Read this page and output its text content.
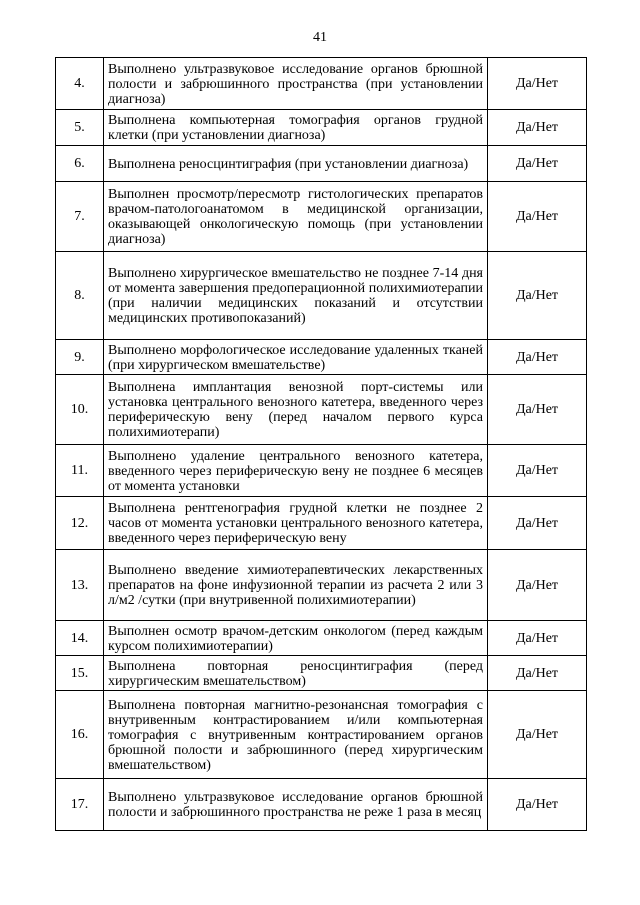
41
4.	Выполнено ультразвуковое исследование органов брюшной полости и забрюшинного пространства (при установлении диагноза)	Да/Нет
5.	Выполнена компьютерная томография органов грудной клетки (при установлении диагноза)	Да/Нет
6.	Выполнена реносцинтиграфия (при установлении диагноза)	Да/Нет
7.	Выполнен просмотр/пересмотр гистологических препаратов врачом-патологоанатомом в медицинской организации, оказывающей онкологическую помощь (при установлении диагноза)	Да/Нет
8.	Выполнено хирургическое вмешательство не позднее 7-14 дня от момента завершения предоперационной полихимиотерапии (при наличии медицинских показаний и отсутствии медицинских противопоказаний)	Да/Нет
9.	Выполнено морфологическое исследование удаленных тканей (при хирургическом вмешательстве)	Да/Нет
10.	Выполнена имплантация венозной порт-системы или установка центрального венозного катетера, введенного через периферическую вену (перед началом первого курса полихимиотерапи)	Да/Нет
11.	Выполнено удаление центрального венозного катетера, введенного через периферическую вену не позднее 6 месяцев от момента установки	Да/Нет
12.	Выполнена рентгенография грудной клетки не позднее 2 часов от момента установки центрального венозного катетера, введенного через периферическую вену	Да/Нет
13.	Выполнено введение химиотерапевтических лекарственных препаратов на фоне инфузионной терапии из расчета 2 или 3 л/м2 /сутки (при внутривенной полихимиотерапии)	Да/Нет
14.	Выполнен осмотр врачом-детским онкологом (перед каждым курсом полихимиотерапии)	Да/Нет
15.	Выполнена повторная реносцинтиграфия (перед хирургическим вмешательством)	Да/Нет
16.	Выполнена повторная магнитно-резонансная томография с внутривенным контрастированием и/или компьютерная томография с внутривенным контрастированием органов брюшной полости и забрюшинного (перед хирургическим вмешательством)	Да/Нет
17.	Выполнено ультразвуковое исследование органов брюшной полости и забрюшинного пространства не реже 1 раза в месяц	Да/Нет
